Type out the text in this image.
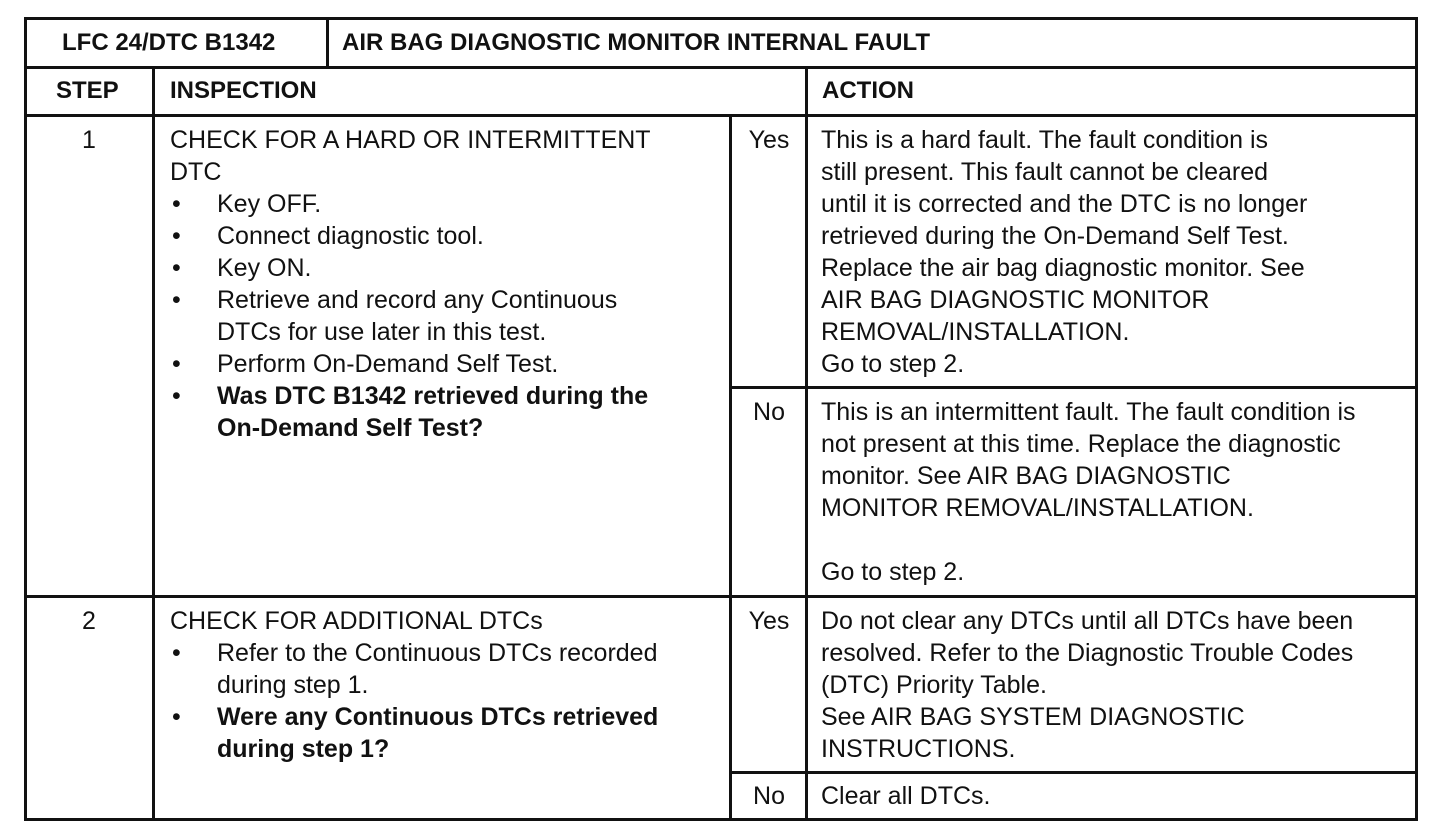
LFC 24/DTC B1342	AIR BAG DIAGNOSTIC MONITOR INTERNAL FAULT
STEP INSPECTION	ACTION
1	CHECK FOR A HARD OR INTERMITTENT
DTC
• Key OFF.
• Connect diagnostic tool.
• Key ON.
• Retrieve and record any Continuous
DTCs for use later in this test.
• Perform On-Demand Self Test.
• Was DTC B1342 retrieved during the
On-Demand Self Test?
Yes	This is a hard fault. The fault condition is
still present. This fault cannot be cleared
until it is corrected and the DTC is no longer
retrieved during the On-Demand Self Test.
Replace the air bag diagnostic monitor. See
AIR BAG DIAGNOSTIC MONITOR
REMOVAL/INSTALLATION.
Go to step 2.
No	This is an intermittent fault. The fault condition is
not present at this time. Replace the diagnostic
monitor. See AIR BAG DIAGNOSTIC
MONITOR REMOVAL/INSTALLATION.
Go to step 2.
2	CHECK FOR ADDITIONAL DTCs
• Refer to the Continuous DTCs recorded
during step 1.
• Were any Continuous DTCs retrieved
during step 1?
Yes	Do not clear any DTCs until all DTCs have been
resolved. Refer to the Diagnostic Trouble Codes
(DTC) Priority Table.
See AIR BAG SYSTEM DIAGNOSTIC
INSTRUCTIONS.
No	Clear all DTCs.
